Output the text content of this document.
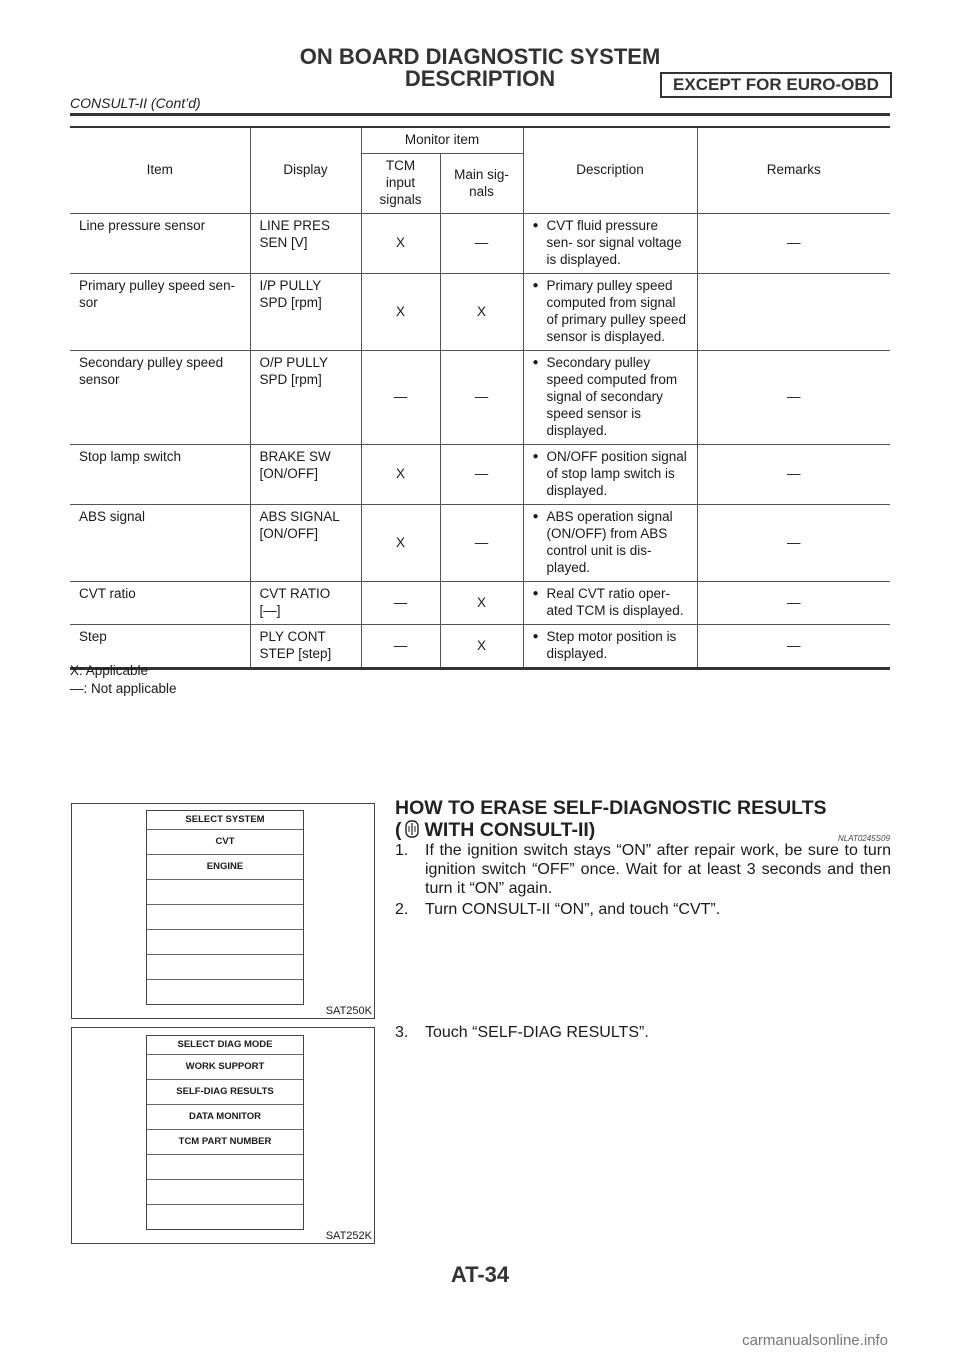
ON BOARD DIAGNOSTIC SYSTEM
DESCRIPTION	EXCEPT FOR EURO-OBD
CONSULT-II (Cont’d)
Item	Display	Monitor item		Description	Remarks
		TCM input signals	Main sig- nals		
Line pressure sensor	LINE PRES SEN [V]	X	—	● CVT fluid pressure sen- sor signal voltage is displayed.	—
Primary pulley speed sen- sor	I/P PULLY SPD [rpm]	X	X	● Primary pulley speed computed from signal of primary pulley speed sensor is displayed.	

Secondary pulley speed sensor	O/P PULLY SPD [rpm]	—	—	● Secondary pulley speed computed from signal of secondary speed sensor is displayed.	—
Stop lamp switch	BRAKE SW [ON/OFF]	X	—	● ON/OFF position signal of stop lamp switch is displayed.	—
ABS signal	ABS SIGNAL [ON/OFF]	X	—	● ABS operation signal (ON/OFF) from ABS control unit is dis- played.	—
CVT ratio	CVT RATIO [—]	—	X	● Real CVT ratio oper- ated TCM is displayed.	—
Step	PLY CONT STEP [step]	—	X	● Step motor position is displayed.	—
X: Applicable
—: Not applicable
SELECT SYSTEM
CVT
ENGINE
SAT250K
SELECT DIAG MODE
WORK SUPPORT
SELF-DIAG RESULTS
DATA MONITOR
TCM PART NUMBER
SAT252K
HOW TO ERASE SELF-DIAGNOSTIC RESULTS
( WITH CONSULT-II)	NLAT0245S09
1. If the ignition switch stays “ON” after repair work, be sure to turn ignition switch “OFF” once. Wait for at least 3 seconds and then turn it “ON” again.
2. Turn CONSULT-II “ON”, and touch “CVT”.
3. Touch “SELF-DIAG RESULTS”.
AT-34
carmanualsonline.info
